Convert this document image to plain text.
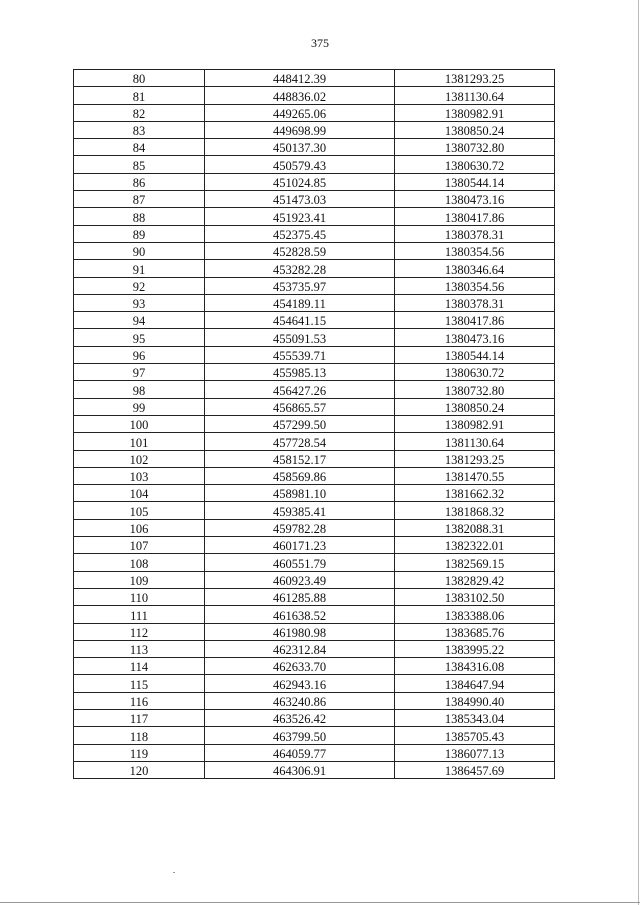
375
80	448412.39	1381293.25
81	448836.02	1381130.64
82	449265.06	1380982.91
83	449698.99	1380850.24
84	450137.30	1380732.80
85	450579.43	1380630.72
86	451024.85	1380544.14
87	451473.03	1380473.16
88	451923.41	1380417.86
89	452375.45	1380378.31
90	452828.59	1380354.56
91	453282.28	1380346.64
92	453735.97	1380354.56
93	454189.11	1380378.31
94	454641.15	1380417.86
95	455091.53	1380473.16
96	455539.71	1380544.14
97	455985.13	1380630.72
98	456427.26	1380732.80
99	456865.57	1380850.24
100	457299.50	1380982.91
101	457728.54	1381130.64
102	458152.17	1381293.25
103	458569.86	1381470.55
104	458981.10	1381662.32
105	459385.41	1381868.32
106	459782.28	1382088.31
107	460171.23	1382322.01
108	460551.79	1382569.15
109	460923.49	1382829.42
110	461285.88	1383102.50
111	461638.52	1383388.06
112	461980.98	1383685.76
113	462312.84	1383995.22
114	462633.70	1384316.08
115	462943.16	1384647.94
116	463240.86	1384990.40
117	463526.42	1385343.04
118	463799.50	1385705.43
119	464059.77	1386077.13
120	464306.91	1386457.69
